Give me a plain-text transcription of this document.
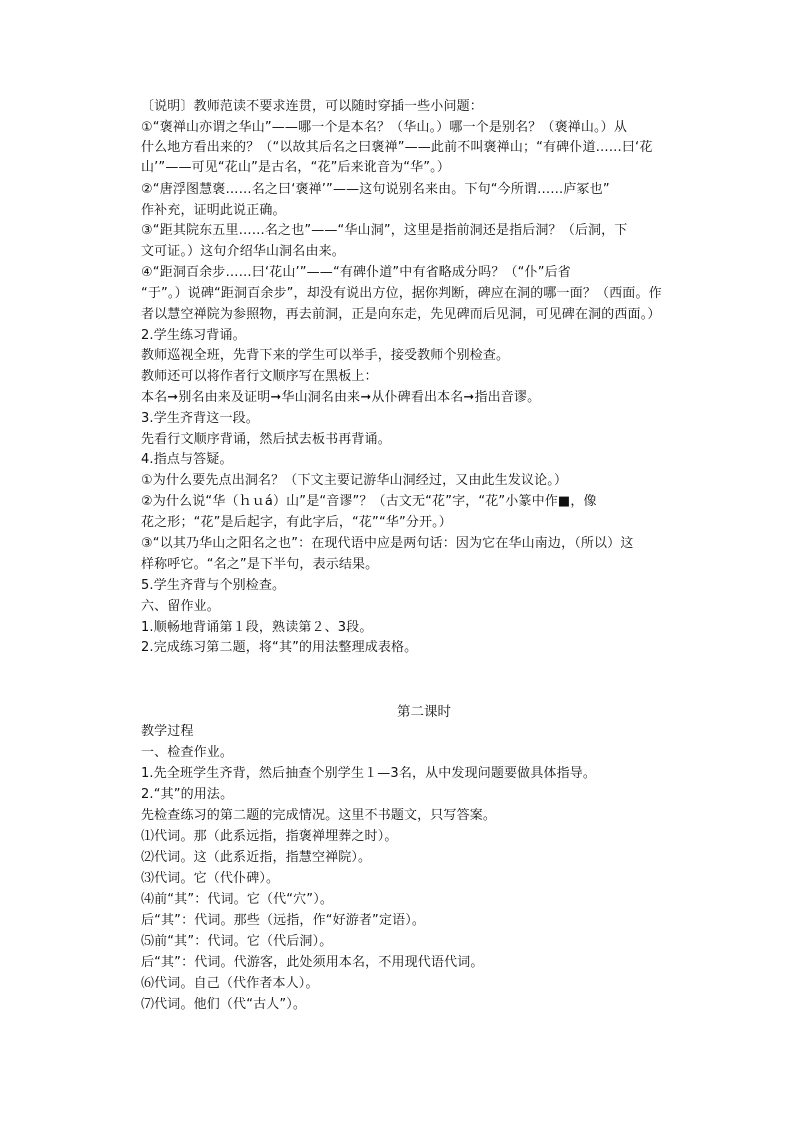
〔说明〕教师范读不要求连贯，可以随时穿插一些小问题：
①“褒禅山亦谓之华山”——哪一个是本名？（华山。）哪一个是别名？（褒禅山。）从
什么地方看出来的？（“以故其后名之曰褒禅”——此前不叫褒禅山；“有碑仆道……曰‘花
山’”——可见“花山”是古名，“花”后来讹音为“华”。）
②“唐浮图慧褒……名之曰‘褒禅’”——这句说别名来由。下句“今所谓……庐冢也”
作补充，证明此说正确。
③“距其院东五里……名之也”——“华山洞”，这里是指前洞还是指后洞？（后洞，下
文可证。）这句介绍华山洞名由来。
④“距洞百余步……曰‘花山’”——“有碑仆道”中有省略成分吗？（“仆”后省
“于”。）说碑“距洞百余步”，却没有说出方位，据你判断，碑应在洞的哪一面？（西面。作
者以慧空禅院为参照物，再去前洞，正是向东走，先见碑而后见洞，可见碑在洞的西面。）
2.学生练习背诵。
教师巡视全班，先背下来的学生可以举手，接受教师个别检查。
教师还可以将作者行文顺序写在黑板上：
本名➞别名由来及证明➞华山洞名由来➞从仆碑看出本名➞指出音谬。
3.学生齐背这一段。
先看行文顺序背诵，然后拭去板书再背诵。
4.指点与答疑。
①为什么要先点出洞名？（下文主要记游华山洞经过，又由此生发议论。）
②为什么说“华（ｈｕá）山”是“音谬”？（古文无“花”字，“花”小篆中作■，像
花之形；“花”是后起字，有此字后，“花”“华”分开。）
③“以其乃华山之阳名之也”：在现代语中应是两句话：因为它在华山南边，（所以）这
样称呼它。“名之”是下半句，表示结果。
5.学生齐背与个别检查。
六、留作业。
1.顺畅地背诵第１段，熟读第２、3段。
2.完成练习第二题，将“其”的用法整理成表格。
第二课时
教学过程
一、检查作业。
1.先全班学生齐背，然后抽查个别学生１—3名，从中发现问题要做具体指导。
2.“其”的用法。
先检查练习的第二题的完成情况。这里不书题文，只写答案。
⑴代词。那（此系远指，指褒禅埋葬之时）。
⑵代词。这（此系近指，指慧空禅院）。
⑶代词。它（代仆碑）。
⑷前“其”：代词。它（代“穴”）。
后“其”：代词。那些（远指，作“好游者”定语）。
⑸前“其”：代词。它（代后洞）。
后“其”：代词。代游客，此处须用本名，不用现代语代词。
⑹代词。自己（代作者本人）。
⑺代词。他们（代“古人”）。
